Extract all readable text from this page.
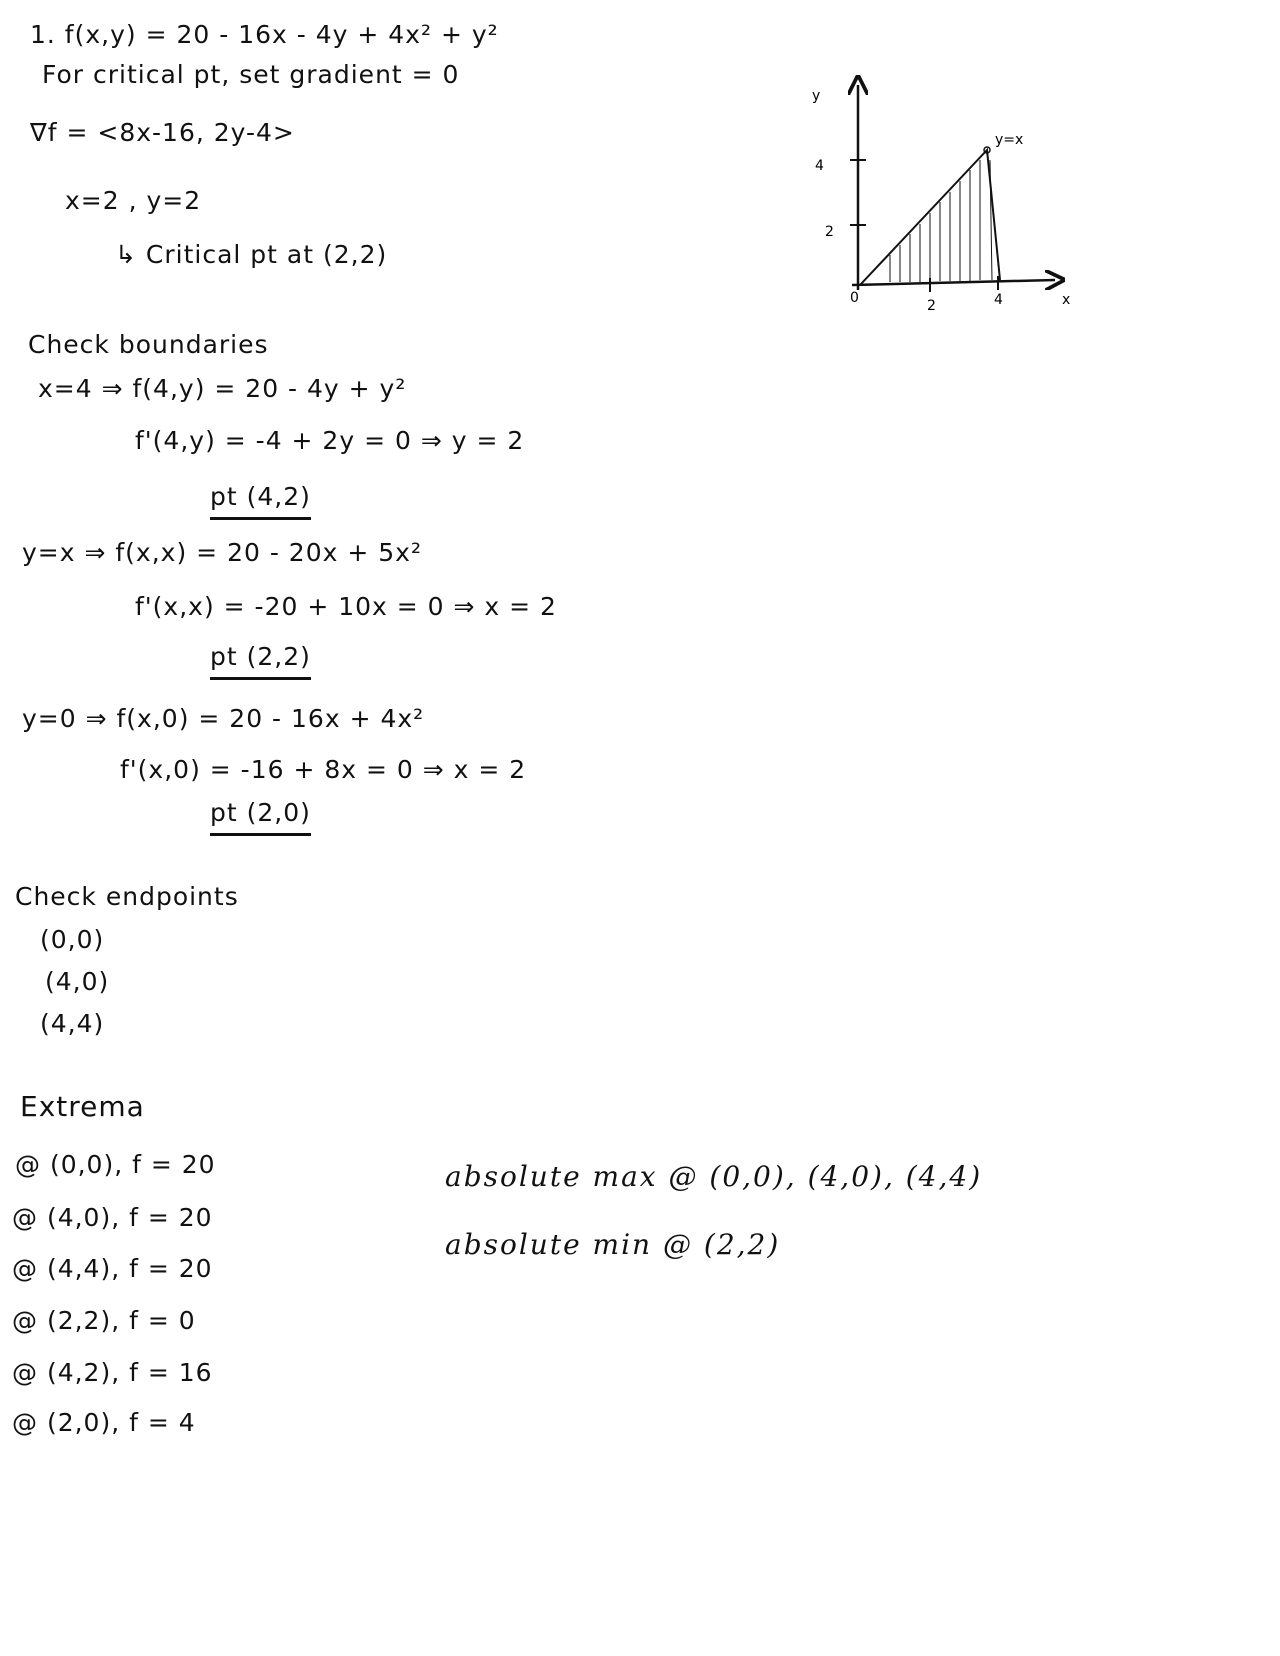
1. f(x,y) = 20 - 16x - 4y + 4x² + y²
For critical pt, set gradient = 0
∇f = <8x-16, 2y-4>
x=2 , y=2
↳ Critical pt at (2,2)
y
4
2
0	2	4	x
y=x
Check boundaries
x=4 ⇒ f(4,y) = 20 - 4y + y²
f'(4,y) = -4 + 2y = 0 ⇒ y = 2
pt (4,2)
y=x ⇒ f(x,x) = 20 - 20x + 5x²
f'(x,x) = -20 + 10x = 0 ⇒ x = 2
pt (2,2)
y=0 ⇒ f(x,0) = 20 - 16x + 4x²
f'(x,0) = -16 + 8x = 0 ⇒ x = 2
pt (2,0)
Check endpoints
(0,0)
(4,0)
(4,4)
Extrema
@ (0,0), f = 20
@ (4,0), f = 20
@ (4,4), f = 20
@ (2,2), f = 0
@ (4,2), f = 16
@ (2,0), f = 4
absolute max @ (0,0), (4,0), (4,4)
absolute min @ (2,2)
